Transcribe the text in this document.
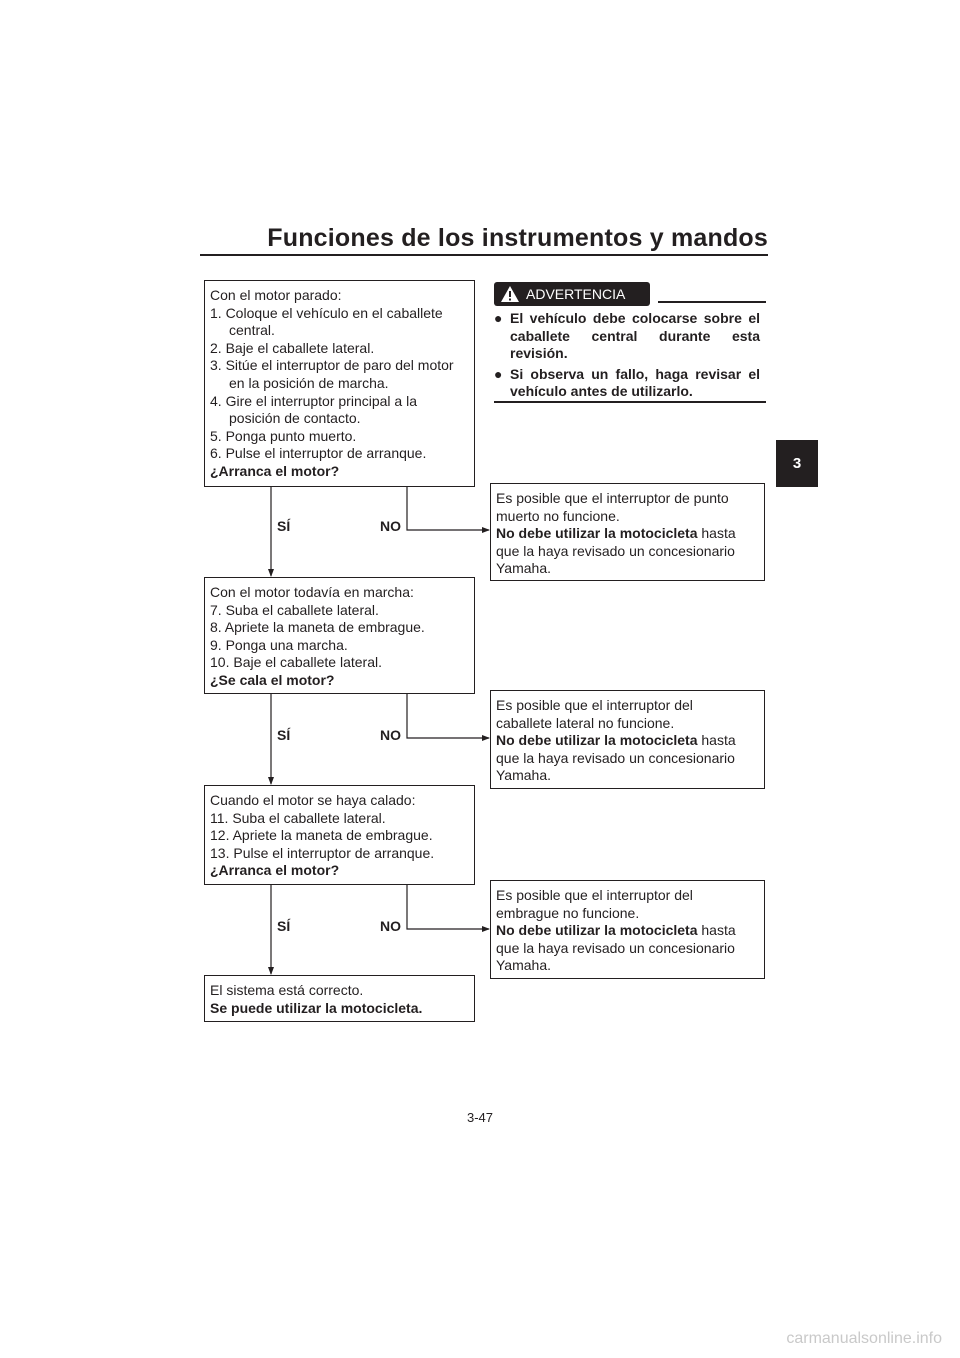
Funciones de los instrumentos y mandos
3
ADVERTENCIA
● El vehículo debe colocarse sobre el caballete central durante esta revisión.
● Si observa un fallo, haga revisar el vehículo antes de utilizarlo.
Con el motor parado:
1. Coloque el vehículo en el caballete
central.
2. Baje el caballete lateral.
3. Sitúe el interruptor de paro del motor
en la posición de marcha.
4. Gire el interruptor principal a la
posición de contacto.
5. Ponga punto muerto.
6. Pulse el interruptor de arranque.
¿Arranca el motor?
Es posible que el interruptor de punto
muerto no funcione.
No debe utilizar la motocicleta hasta
que la haya revisado un concesionario
Yamaha.
Con el motor todavía en marcha:
7. Suba el caballete lateral.
8. Apriete la maneta de embrague.
9. Ponga una marcha.
10. Baje el caballete lateral.
¿Se cala el motor?
Es posible que el interruptor del
caballete lateral no funcione.
No debe utilizar la motocicleta hasta
que la haya revisado un concesionario
Yamaha.
Cuando el motor se haya calado:
11. Suba el caballete lateral.
12. Apriete la maneta de embrague.
13. Pulse el interruptor de arranque.
¿Arranca el motor?
Es posible que el interruptor del
embrague no funcione.
No debe utilizar la motocicleta hasta
que la haya revisado un concesionario
Yamaha.
El sistema está correcto.
Se puede utilizar la motocicleta.
SÍ	NO
SÍ	NO
SÍ	NO
3-47
carmanualsonline.info
